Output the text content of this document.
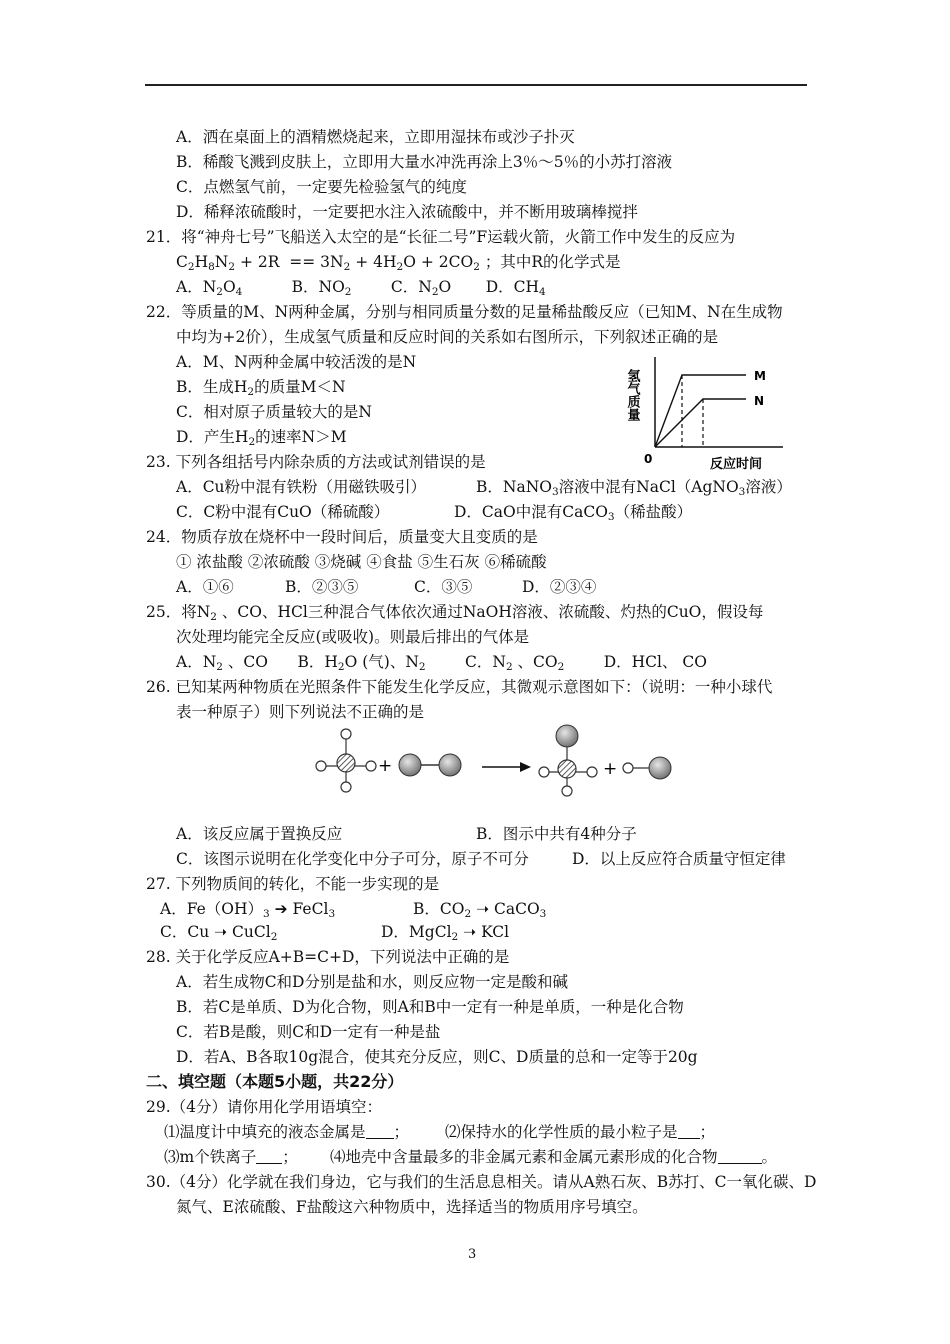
A．洒在桌面上的酒精燃烧起来，立即用湿抹布或沙子扑灭
B．稀酸飞溅到皮肤上，立即用大量水冲洗再涂上3％～5％的小苏打溶液
C．点燃氢气前，一定要先检验氢气的纯度
D．稀释浓硫酸时，一定要把水注入浓硫酸中，并不断用玻璃棒搅拌
21．将“神舟七号”飞船送入太空的是“长征二号”F运载火箭，火箭工作中发生的反应为
$C_2H_8N_2 + 2R == 3N_2 + 4H_2O + 2CO_2$ ；其中R的化学式是
A．$N_2O_4$          B．$NO_2$        C．$N_2O$       D．$CH_4$
22．等质量的M、N两种金属，分别与相同质量分数的足量稀盐酸反应（已知M、N在生成物
中均为+2价），生成氢气质量和反应时间的关系如右图所示，下列叙述正确的是
A．M、N两种金属中较活泼的是N
B．生成$H_2$的质量M＜N
C．相对原子质量较大的是N
D．产生$H_2$的速率N＞M
氢气质量
0	反应时间
M
N
23. 下列各组括号内除杂质的方法或试剂错误的是
A．Cu粉中混有铁粉（用磁铁吸引）	B．NaNO$_3$溶液中混有NaCl（AgNO$_3$溶液）
C．C粉中混有CuO（稀硫酸）	D．CaO中混有CaCO$_3$（稀盐酸）
24．物质存放在烧杯中一段时间后，质量变大且变质的是
① 浓盐酸 ②浓硫酸 ③烧碱 ④食盐 ⑤生石灰 ⑥稀硫酸
A．①⑥	B．②③⑤	C．③⑤	D．②③④
25．将$N_2$ 、CO、HCl三种混合气体依次通过NaOH溶液、浓硫酸、灼热的CuO，假设每
次处理均能完全反应(或吸收)。则最后排出的气体是
A．$N_2$ 、CO      B．$H_2O$ (气)、$N_2$        C．$N_2$ 、$CO_2$        D．HCl、 CO
26. 已知某两种物质在光照条件下能发生化学反应，其微观示意图如下：（说明：一种小球代
表一种原子）则下列说法不正确的是
+	+
A．该反应属于置换反应	B．图示中共有4种分子
C．该图示说明在化学变化中分子可分，原子不可分	D．以上反应符合质量守恒定律
27. 下列物质间的转化，不能一步实现的是
A．$Fe(OH)_3$ ➔ FeCl$_3$	B．$CO_2$ ➝ CaCO$_3$
C．Cu ➝ CuCl$_2$	D．MgCl$_2$ ➝ KCl
28. 关于化学反应A+B=C+D，下列说法中正确的是
A．若生成物C和D分别是盐和水，则反应物一定是酸和碱
B．若C是单质、D为化合物，则A和B中一定有一种是单质，一种是化合物
C．若B是酸，则C和D一定有一种是盐
D．若A、B各取10g混合，使其充分反应，则C、D质量的总和一定等于20g
二、填空题（本题5小题，共22分）
29.（4分）请你用化学用语填空：
⑴温度计中填充的液态金属是 ； ⑵保持水的化学性质的最小粒子是 ；
⑶m个铁离子 ； ⑷地壳中含量最多的非金属元素和金属元素形成的化合物	。
30.（4分）化学就在我们身边，它与我们的生活息息相关。请从A熟石灰、B苏打、C一氧化碳、D
氮气、E浓硫酸、F盐酸这六种物质中，选择适当的物质用序号填空。
3
